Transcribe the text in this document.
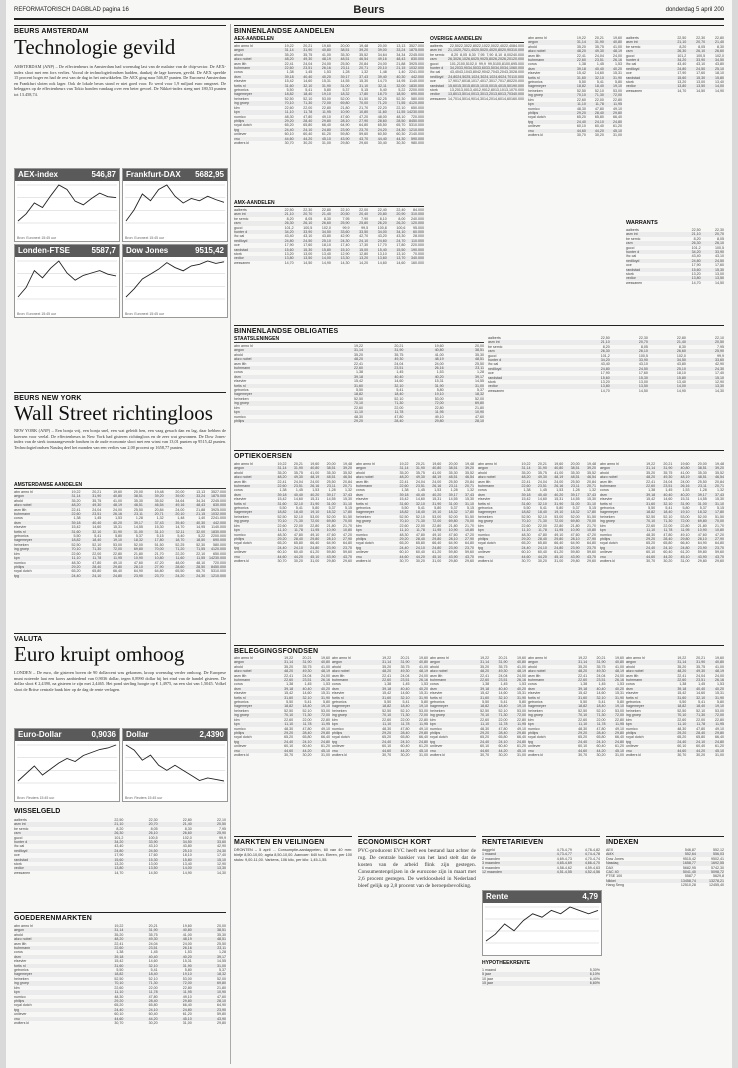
REFORMATORISCH DAGBLAD pagina 16	Beurs	donderdag 5 april 200
BEURS AMSTERDAM
Technologie gevild
AMSTERDAM (ANP) – De effectenbeurs in Amsterdam had woensdag last van de malaise van de chip-sector. De AEX-index sloot met een fors verlies. Vooral de technologiefondsen hadden, dankzij de lage koersen, gevild. De AEX speelde 15 procent hoger en had de rest van de dag in het ontwikkelen. De AEX ging naar 546,87 punten. De Euronext Amsterdam en Frankfurt sloten ook lager. Ook de lokale beurs stond er niet goed voor. Er werd voor 1,9 miljard euro omgezet. De beleggers op de effectenbeurs van Tokio bonden vandaag over een beter gevoel. De Nikkei-index steeg met 180,53 punten tot 13.458,74.
AEX-index	546,87
Bron: Euronext 15:45 uur
Frankfurt-DAX 5682,95
Bron: Euronext 15:45 uur
Londen-FTSE	5587,7
Bron: Euronext 15:45 uur
Dow Jones	9515,42
Bron: Euronext 15:45 uur
BEURS NEW YORK
Wall Street richtingloos
NEW YORK (ANP) – Een bonja vrij, een bonja snel, een wat geleidt ben, een vaag gesuch dan en lag, daar hebben de koersen voor veelal. De effectenbeurs in New York had gisteren richtingloos en de zeer wat gewonnen. De Dow Jones-index van de sterk toonaangevende fondsen in de oude economie sloot met een winst van 13,01 punten op 9515,42 punten. Technologiefondsen Nasdaq deel het monden van een verlies van 2,00 procent op 1658,77 punten.
AMSTERDAMSE AANDELEN
abn amro hl	19,22	20,21	19,60	20,00	19,48	20,00	13,13	3527.000
aegon	31,14	31,90	40,80	38,51	39,20	39,00	33,24	1875.000
ahold	35,20	35,75	41,00	35,30	35,52	34,64	34,34	2245.000
akzo nobel	48,20	49,30	48,19	48,51	46,54	49,16	48,43	830.000
asm lith	22,41	24,04	24,00	25,50	20,84	24,00	21,88	3925.000
buhrmann	22,60	23,51	26,16	23,11	20,71	20,10	21,15	1032.000
corus	1,38	1,45	1,53	1,28	1,32	1,48	1,40	2241.000
dsm	39,18	40,40	40,20	39,17	37,43	39,40	40,30	442.000
elsevier	15,42	14,60	15,31	14,55	15,30	14,70	14,95	1140.000
fortis nl	31,60	32,10	31,90	31,00	31,10	32,11	32,00	1830.000
getronics	5,50	5,41	5,80	5,37	5,15	5,40	5,22	2200.000
hagemeyer	18,82	18,40	19,10	18,32	17,80	18,70	18,50	690.000
heineken	52,50	52,10	53,00	52,00	51,50	52,25	52,30	580.000
ing groep	70,10	71,30	72,00	69,80	70,00	71,20	71,55	4120.000
klm	22,60	22,00	22,80	21,80	21,70	22,20	22,10	650.000
kpn	11,10	11,78	11,95	10,90	10,80	11,60	11,55	14230.000
numico	48,30	47,80	49,10	47,60	47,20	48,00	48,10	720.000
philips	29,20	28,40	29,80	28,10	27,90	28,60	28,50	8450.000
royal dutch	65,20	65,80	66,40	64,90	64,80	65,50	65,70	5310.000
tpg	24,40	24,10	24,80	23,90	23,70	24,20	24,30	1210.000
VALUTA
Euro kruipt omhoog
LONDEN – De euro, die gisteren boven de 90 dollarcent was gekomen, kroop woensdag verder omhoog. De Europese munt noteerde laat een koers aanbiedend van 0,9036 dollar, tegen 0,8990 dollar bij het eind van de handel gisteren. De dollar sloot € 2,4390, na gisteren te zijn met 2,4465. Het pond sterling hoogte op € 1,4975, na een slot van 1,5045. Volkel sloot de Britse centrale bank hier op de dag de rente verlagen.
Euro-Dollar	0,9036
Bron: Reuters 15:45 uur
Dollar	2,4390
Bron: Reuters 15:45 uur
WISSELGELD
aalberts	22,50	22,30	22,80	22,10
asm int	21,10	20,70	21,40	20,50
be semic	8,20	8,05	8,30	7,95
csm	26,30	26,10	26,60	25,90
gucci	101,2	100,5	102,0	99,9
hunter d	34,20	33,90	34,50	33,60
ihc cal	43,40	43,10	43,80	42,90
nedlloyd	24,80	24,50	25,10	24,30
oce	17,90	17,60	18,10	17,40
randstad	15,60	15,30	15,80	15,10
stork	13,20	13,00	13,40	12,90
vedior	13,80	13,50	14,00	13,30
wessanen	14,70	14,50	14,90	14,30
GOEDERENMARKTEN
abn amro hl	19,22	20,21	19,60	20,00
aegon	31,14	31,90	40,80	38,51
ahold	35,20	35,75	41,00	35,30
akzo nobel	48,20	49,30	48,19	48,51
asm lith	22,41	24,04	24,00	25,50
buhrmann	22,60	23,51	26,16	23,11
corus	1,38	1,45	1,53	1,28
dsm	39,18	40,40	40,20	39,17
elsevier	15,42	14,60	15,31	14,55
fortis nl	31,60	32,10	31,90	31,00
getronics	5,50	5,41	5,80	5,37
hagemeyer	18,82	18,40	19,10	18,32
heineken	52,50	52,10	53,00	52,00
ing groep	70,10	71,30	72,00	69,80
klm	22,60	22,00	22,80	21,80
kpn	11,10	11,78	11,95	10,90
numico	48,30	47,80	49,10	47,60
philips	29,20	28,40	29,80	28,10
royal dutch	65,20	65,80	66,40	64,90
tpg	24,40	24,10	24,80	23,90
unilever	60,10	60,40	61,20	59,80
vnu	44,60	44,20	45,10	43,90
wolters kl	30,70	30,20	31,00	29,80
BINNENLANDSE AANDELEN
AEX-AANDELEN
abn amro hl	19,22	20,21	19,60	20,00	19,48	20,00	13,13	3527.000
aegon	31,14	31,90	40,80	38,51	39,20	39,00	33,24	1875.000
ahold	35,20	35,75	41,00	35,30	35,52	34,64	34,34	2245.000
akzo nobel	48,20	49,30	48,19	48,51	46,54	49,16	48,43	830.000
asm lith	22,41	24,04	24,00	25,50	20,84	24,00	21,88	3925.000
buhrmann	22,60	23,51	26,16	23,11	20,71	20,10	21,15	1032.000
corus	1,38	1,45	1,53	1,28	1,32	1,48	1,40	2241.000
dsm	39,18	40,40	40,20	39,17	37,43	39,40	40,30	442.000
elsevier	15,42	14,60	15,31	14,55	15,30	14,70	14,95	1140.000
fortis nl	31,60	32,10	31,90	31,00	31,10	32,11	32,00	1830.000
getronics	5,50	5,41	5,80	5,37	5,15	5,40	5,22	2200.000
hagemeyer	18,82	18,40	19,10	18,32	17,80	18,70	18,50	690.000
heineken	52,50	52,10	53,00	52,00	51,50	52,25	52,30	580.000
ing groep	70,10	71,30	72,00	69,80	70,00	71,20	71,55	4120.000
klm	22,60	22,00	22,80	21,80	21,70	22,20	22,10	650.000
kpn	11,10	11,78	11,95	10,90	10,80	11,60	11,55 14230.000
numico	48,30	47,80	49,10	47,60	47,20	48,00	48,10	720.000
philips	29,20	28,40	29,80	28,10	27,90	28,60	28,50	8450.000
royal dutch	65,20	65,80	66,40	64,90	64,80	65,50	65,70	5310.000
tpg	24,40	24,10	24,80	23,90	23,70	24,20	24,30	1210.000
unilever	60,10	60,40	61,20	59,80	59,60	60,50	60,30	2140.000
vnu	44,60	44,20	45,10	43,90	43,70	44,40	44,30	590.000
wolters kl	30,70	30,20	31,00	29,80	29,60	30,40	30,30	980.000
AMX-AANDELEN
aalberts	22,50	22,30	22,80	22,10	22,00	22,40	22,40	84.000
asm int	21,10	20,70	21,40	20,50	20,40	20,80	20,90	310.000
be semic	8,20	8,05	8,30	7,95	7,90	8,10	8,00	240.000
csm	26,30	26,10	26,60	25,90	25,80	26,20	26,20	120.000
gucci	101,2	100,5	102,0	99,9	99,5	100,8	100,6	95.000
hunter d	34,20	33,90	34,50	33,60	33,50	34,00	34,10	60.000
ihc cal	43,40	43,10	43,80	42,90	42,70	43,20	43,30	28.000
nedlloyd	24,80	24,50	25,10	24,30	24,10	24,60	24,70	110.000
oce	17,90	17,60	18,10	17,40	17,30	17,70	17,80	220.000
randstad	15,60	15,30	15,80	15,10	15,00	15,40	15,50	190.000
stork	13,20	13,00	13,40	12,90	12,80	13,10	13,10	70.000
vedior	13,80	13,50	14,00	13,30	13,20	13,60	13,70	340.000
wessanen	14,70	14,50	14,90	14,30	14,20	14,60	14,60	160.000
OVERIGE AANDELEN
aalberts	22,50 22,30 22,80 22,10 22,00 22,40 22,40 84.000
asm int	21,10 20,70 21,40 20,50 20,40 20,80 20,90 310.000
be semic	8,20 8,05 8,30 7,95 7,90 8,10 8,00 240.000
csm	26,30 26,10 26,60 25,90 25,80 26,20 26,20 120.000
gucci	101,2 100,5 102,0 99,9 99,5 100,8 100,6 95.000
hunter d	34,20 33,90 34,50 33,60 33,50 34,00 34,10 60.000
ihc cal	43,40 43,10 43,80 42,90 42,70 43,20 43,30 28.000
nedlloyd	24,80 24,50 25,10 24,30 24,10 24,60 24,70 110.000
oce	17,90 17,60 18,10 17,40 17,30 17,70 17,80 220.000
randstad	15,60 15,30 15,80 15,10 15,00 15,40 15,50 190.000
stork	13,20 13,00 13,40 12,90 12,80 13,10 13,10 70.000
vedior	13,80 13,50 14,00 13,30 13,20 13,60 13,70 340.000
wessanen 14,70 14,50 14,90 14,30 14,20 14,60 14,60 160.000
abn amro hl	19,22	20,21	19,60
aegon	31,14	31,90	40,80
ahold	35,20	35,75	41,00
akzo nobel	48,20	49,30	48,19
asm lith	22,41	24,04	24,00
buhrmann	22,60	23,51	26,16
corus	1,38	1,45	1,53
dsm	39,18	40,40	40,20
elsevier	15,42	14,60	15,31
fortis nl	31,60	32,10	31,90
getronics	5,50	5,41	5,80
hagemeyer	18,82	18,40	19,10
heineken	52,50	52,10	53,00
ing groep	70,10	71,30	72,00
klm	22,60	22,00	22,80
kpn	11,10	11,78	11,95
numico	48,30	47,80	49,10
philips	29,20	28,40	29,80
royal dutch	65,20	65,80	66,40
tpg	24,40	24,10	24,80
unilever	60,10	60,40	61,20
vnu	44,60	44,20	45,10
wolters kl	30,70	30,20	31,00
aalberts	22,50	22,30	22,80
asm int	21,10	20,70	21,40
be semic	8,20	8,05	8,30
csm	26,30	26,10	26,60
gucci	101,2	100,5	102,0
hunter d	34,20	33,90	34,50
ihc cal	43,40	43,10	43,80
nedlloyd	24,80	24,50	25,10
oce	17,90	17,60	18,10
randstad	15,60	15,30	15,80
stork	13,20	13,00	13,40
vedior	13,80	13,50	14,00
wessanen	14,70	14,50	14,90
WARRANTS
aalberts	22,50	22,30
asm int	21,10	20,70
be semic	8,20	8,05
csm	26,30	26,10
gucci	101,2	100,5
hunter d	34,20	33,90
ihc cal	43,40	43,10
nedlloyd	24,80	24,50
oce	17,90	17,60
randstad	15,60	15,30
stork	13,20	13,00
vedior	13,80	13,50
wessanen	14,70	14,50
BINNENLANDSE OBLIGATIES
STAATSLENINGEN
abn amro hl	19,22	20,21	19,60	20,00
aegon	31,14	31,90	40,80	38,51
ahold	35,20	35,75	41,00	35,30
akzo nobel	48,20	49,30	48,19	48,51
asm lith	22,41	24,04	24,00	25,50
buhrmann	22,60	23,51	26,16	23,11
corus	1,38	1,45	1,53	1,28
dsm	39,18	40,40	40,20	39,17
elsevier	15,42	14,60	15,31	14,55
fortis nl	31,60	32,10	31,90	31,00
getronics	5,50	5,41	5,80	5,37
hagemeyer	18,82	18,40	19,10	18,32
heineken	52,50	52,10	53,00	52,00
ing groep	70,10	71,30	72,00	69,80
klm	22,60	22,00	22,80	21,80
kpn	11,10	11,78	11,95	10,90
numico	48,30	47,80	49,10	47,60
philips	29,20	28,40	29,80	28,10
aalberts	22,50	22,30	22,80	22,10
asm int	21,10	20,70	21,40	20,50
be semic	8,20	8,05	8,30	7,95
csm	26,30	26,10	26,60	25,90
gucci	101,2	100,5	102,0	99,9
hunter d	34,20	33,90	34,50	33,60
ihc cal	43,40	43,10	43,80	42,90
nedlloyd	24,80	24,50	25,10	24,30
oce	17,90	17,60	18,10	17,40
randstad	15,60	15,30	15,80	15,10
stork	13,20	13,00	13,40	12,90
vedior	13,80	13,50	14,00	13,30
wessanen	14,70	14,50	14,90	14,30
OPTIEKOERSEN
abn amro hl	19,22	20,21	19,60	20,00	19,48
aegon	31,14	31,90	40,80	38,51	39,20
ahold	35,20	35,75	41,00	35,30	35,52
akzo nobel	48,20	49,30	48,19	48,51	46,54
asm lith	22,41	24,04	24,00	25,50	20,84
buhrmann	22,60	23,51	26,16	23,11	20,71
corus	1,38	1,45	1,53	1,28	1,32
dsm	39,18	40,40	40,20	39,17	37,43
elsevier	15,42	14,60	15,31	14,55	15,30
fortis nl	31,60	32,10	31,90	31,00	31,10
getronics	5,50	5,41	5,80	5,37	5,15
hagemeyer	18,82	18,40	19,10	18,32	17,80
heineken	52,50	52,10	53,00	52,00	51,50
ing groep	70,10	71,30	72,00	69,80	70,00
klm	22,60	22,00	22,80	21,80	21,70
kpn	11,10	11,78	11,95	10,90	10,80
numico	48,30	47,80	49,10	47,60	47,20
philips	29,20	28,40	29,80	28,10	27,90
royal dutch	65,20	65,80	66,40	64,90	64,80
tpg	24,40	24,10	24,80	23,90	23,70
unilever	60,10	60,40	61,20	59,80	59,60
vnu	44,60	44,20	45,10	43,90	43,70
wolters kl	30,70	30,20	31,00	29,80	29,60
abn amro hl	19,22	20,21	19,60	20,00	19,48
aegon	31,14	31,90	40,80	38,51	39,20
ahold	35,20	35,75	41,00	35,30	35,52
akzo nobel	48,20	49,30	48,19	48,51	46,54
asm lith	22,41	24,04	24,00	25,50	20,84
buhrmann	22,60	23,51	26,16	23,11	20,71
corus	1,38	1,45	1,53	1,28	1,32
dsm	39,18	40,40	40,20	39,17	37,43
elsevier	15,42	14,60	15,31	14,55	15,30
fortis nl	31,60	32,10	31,90	31,00	31,10
getronics	5,50	5,41	5,80	5,37	5,15
hagemeyer	18,82	18,40	19,10	18,32	17,80
heineken	52,50	52,10	53,00	52,00	51,50
ing groep	70,10	71,30	72,00	69,80	70,00
klm	22,60	22,00	22,80	21,80	21,70
kpn	11,10	11,78	11,95	10,90	10,80
numico	48,30	47,80	49,10	47,60	47,20
philips	29,20	28,40	29,80	28,10	27,90
royal dutch	65,20	65,80	66,40	64,90	64,80
tpg	24,40	24,10	24,80	23,90	23,70
unilever	60,10	60,40	61,20	59,80	59,60
vnu	44,60	44,20	45,10	43,90	43,70
wolters kl	30,70	30,20	31,00	29,80	29,60
abn amro hl	19,22	20,21	19,60	20,00	19,48
aegon	31,14	31,90	40,80	38,51	39,20
ahold	35,20	35,75	41,00	35,30	35,52
akzo nobel	48,20	49,30	48,19	48,51	46,54
asm lith	22,41	24,04	24,00	25,50	20,84
buhrmann	22,60	23,51	26,16	23,11	20,71
corus	1,38	1,45	1,53	1,28	1,32
dsm	39,18	40,40	40,20	39,17	37,43
elsevier	15,42	14,60	15,31	14,55	15,30
fortis nl	31,60	32,10	31,90	31,00	31,10
getronics	5,50	5,41	5,80	5,37	5,15
hagemeyer	18,82	18,40	19,10	18,32	17,80
heineken	52,50	52,10	53,00	52,00	51,50
ing groep	70,10	71,30	72,00	69,80	70,00
klm	22,60	22,00	22,80	21,80	21,70
kpn	11,10	11,78	11,95	10,90	10,80
numico	48,30	47,80	49,10	47,60	47,20
philips	29,20	28,40	29,80	28,10	27,90
royal dutch	65,20	65,80	66,40	64,90	64,80
tpg	24,40	24,10	24,80	23,90	23,70
unilever	60,10	60,40	61,20	59,80	59,60
vnu	44,60	44,20	45,10	43,90	43,70
wolters kl	30,70	30,20	31,00	29,80	29,60
abn amro hl	19,22	20,21	19,60	20,00	19,48
aegon	31,14	31,90	40,80	38,51	39,20
ahold	35,20	35,75	41,00	35,30	35,52
akzo nobel	48,20	49,30	48,19	48,51	46,54
asm lith	22,41	24,04	24,00	25,50	20,84
buhrmann	22,60	23,51	26,16	23,11	20,71
corus	1,38	1,45	1,53	1,28	1,32
dsm	39,18	40,40	40,20	39,17	37,43
elsevier	15,42	14,60	15,31	14,55	15,30
fortis nl	31,60	32,10	31,90	31,00	31,10
getronics	5,50	5,41	5,80	5,37	5,15
hagemeyer	18,82	18,40	19,10	18,32	17,80
heineken	52,50	52,10	53,00	52,00	51,50
ing groep	70,10	71,30	72,00	69,80	70,00
klm	22,60	22,00	22,80	21,80	21,70
kpn	11,10	11,78	11,95	10,90	10,80
numico	48,30	47,80	49,10	47,60	47,20
philips	29,20	28,40	29,80	28,10	27,90
royal dutch	65,20	65,80	66,40	64,90	64,80
tpg	24,40	24,10	24,80	23,90	23,70
unilever	60,10	60,40	61,20	59,80	59,60
vnu	44,60	44,20	45,10	43,90	43,70
wolters kl	30,70	30,20	31,00	29,80	29,60
BELEGGINGSFONDSEN
abn amro hl	19,22	20,21	19,60
aegon	31,14	31,90	40,80
ahold	35,20	35,75	41,00
akzo nobel	48,20	49,30	48,19
asm lith	22,41	24,04	24,00
buhrmann	22,60	23,51	26,16
corus	1,38	1,45	1,53
dsm	39,18	40,40	40,20
elsevier	15,42	14,60	15,31
fortis nl	31,60	32,10	31,90
getronics	5,50	5,41	5,80
hagemeyer	18,82	18,40	19,10
heineken	52,50	52,10	53,00
ing groep	70,10	71,30	72,00
klm	22,60	22,00	22,80
kpn	11,10	11,78	11,95
numico	48,30	47,80	49,10
philips	29,20	28,40	29,80
royal dutch	65,20	65,80	66,40
tpg	24,40	24,10	24,80
unilever	60,10	60,40	61,20
vnu	44,60	44,20	45,10
wolters kl	30,70	30,20	31,00
abn amro hl	19,22	20,21	19,60
aegon	31,14	31,90	40,80
ahold	35,20	35,75	41,00
akzo nobel	48,20	49,30	48,19
asm lith	22,41	24,04	24,00
buhrmann	22,60	23,51	26,16
corus	1,38	1,45	1,53
dsm	39,18	40,40	40,20
elsevier	15,42	14,60	15,31
fortis nl	31,60	32,10	31,90
getronics	5,50	5,41	5,80
hagemeyer	18,82	18,40	19,10
heineken	52,50	52,10	53,00
ing groep	70,10	71,30	72,00
klm	22,60	22,00	22,80
kpn	11,10	11,78	11,95
numico	48,30	47,80	49,10
philips	29,20	28,40	29,80
royal dutch	65,20	65,80	66,40
tpg	24,40	24,10	24,80
unilever	60,10	60,40	61,20
vnu	44,60	44,20	45,10
wolters kl	30,70	30,20	31,00
abn amro hl	19,22	20,21	19,60
aegon	31,14	31,90	40,80
ahold	35,20	35,75	41,00
akzo nobel	48,20	49,30	48,19
asm lith	22,41	24,04	24,00
buhrmann	22,60	23,51	26,16
corus	1,38	1,45	1,53
dsm	39,18	40,40	40,20
elsevier	15,42	14,60	15,31
fortis nl	31,60	32,10	31,90
getronics	5,50	5,41	5,80
hagemeyer	18,82	18,40	19,10
heineken	52,50	52,10	53,00
ing groep	70,10	71,30	72,00
klm	22,60	22,00	22,80
kpn	11,10	11,78	11,95
numico	48,30	47,80	49,10
philips	29,20	28,40	29,80
royal dutch	65,20	65,80	66,40
tpg	24,40	24,10	24,80
unilever	60,10	60,40	61,20
vnu	44,60	44,20	45,10
wolters kl	30,70	30,20	31,00
abn amro hl	19,22	20,21	19,60
aegon	31,14	31,90	40,80
ahold	35,20	35,75	41,00
akzo nobel	48,20	49,30	48,19
asm lith	22,41	24,04	24,00
buhrmann	22,60	23,51	26,16
corus	1,38	1,45	1,53
dsm	39,18	40,40	40,20
elsevier	15,42	14,60	15,31
fortis nl	31,60	32,10	31,90
getronics	5,50	5,41	5,80
hagemeyer	18,82	18,40	19,10
heineken	52,50	52,10	53,00
ing groep	70,10	71,30	72,00
klm	22,60	22,00	22,80
kpn	11,10	11,78	11,95
numico	48,30	47,80	49,10
philips	29,20	28,40	29,80
royal dutch	65,20	65,80	66,40
tpg	24,40	24,10	24,80
unilever	60,10	60,40	61,20
vnu	44,60	44,20	45,10
wolters kl	30,70	30,20	31,00
abn amro hl	19,22	20,21	19,60
aegon	31,14	31,90	40,80
ahold	35,20	35,75	41,00
akzo nobel	48,20	49,30	48,19
asm lith	22,41	24,04	24,00
buhrmann	22,60	23,51	26,16
corus	1,38	1,45	1,53
dsm	39,18	40,40	40,20
elsevier	15,42	14,60	15,31
fortis nl	31,60	32,10	31,90
getronics	5,50	5,41	5,80
hagemeyer	18,82	18,40	19,10
heineken	52,50	52,10	53,00
ing groep	70,10	71,30	72,00
klm	22,60	22,00	22,80
kpn	11,10	11,78	11,95
numico	48,30	47,80	49,10
philips	29,20	28,40	29,80
royal dutch	65,20	65,80	66,40
tpg	24,40	24,10	24,80
unilever	60,10	60,40	61,20
vnu	44,60	44,20	45,10
wolters kl	30,70	30,20	31,00
MARKTEN EN VEILINGEN
DRONTEN – 5 april ... Consumptie-aardappelen, 60 van 40 mm: bintje 8,50-10,00; agria 8,50-10,00. Aanvoer: 640 ton. Eieren, per 100 stuks: 9,00-11,00. Varkens, 106 kilo, per kilo: 1,45-1,55.
ECONOMISCH KORT
PVC-producent EVC heeft een bestand laat achter de rug. De centrale bankier van het land stelt dat de kosten van de arbeid flink zijn gestegen. Consumentenprijzen in de eurozone zijn in maart met 2,6 procent gestegen. De werkloosheid in Nederland bleef gelijk op 2,8 procent van de beroepsbevolking.
RENTETARIEVEN
daggeld	4,75-4,79	4,78-4,82
1 maand	4,73-4,77	4,74-4,78
2 maanden	4,69-4,73	4,70-4,74
3 maanden	4,65-4,69	4,66-4,70
6 maanden	4,58-4,62	4,59-4,63
12 maanden	4,51-4,55	4,52-4,56
Rente	4,79
HYPOTHEEKRENTE
1 maand	5,30%
5 jaar	6,10%
10 jaar	6,40%
15 jaar	6,60%
INDEXEN
AEX	546,87	552,12
AMX	552,64	556,03
Dow Jones	9515,42	9502,41
Nasdaq	1658,77	1692,55
DAX	5682,95	5742,30
CAC 40	5041,40	5098,72
FTSE 100	5587,7	5629,8
Nikkei	13458,74	13278,21
Hang Seng	12510,28	12455,40
